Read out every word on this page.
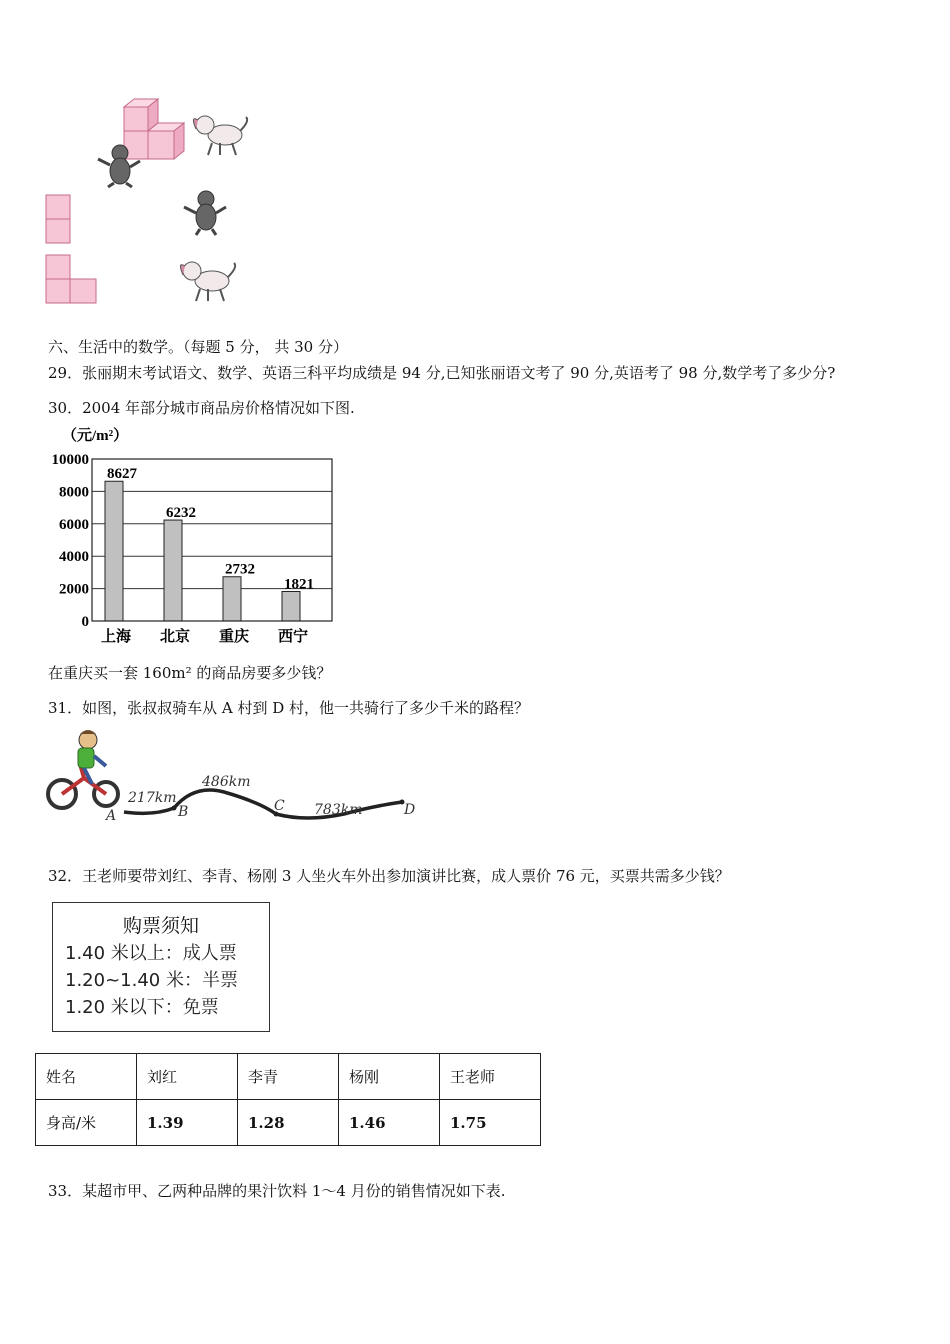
六、生活中的数学。（每题 5 分， 共 30 分）
29．张丽期末考试语文、数学、英语三科平均成绩是 94 分,已知张丽语文考了 90 分,英语考了 98 分,数学考了多少分?
30．2004 年部分城市商品房价格情况如下图.
（元/m²）
0
2000
4000
6000
8000
10000
上海 北京 重庆 西宁
8627
6232
2732
1821
在重庆买一套 160m² 的商品房要多少钱？
31．如图，张叔叔骑车从 A 村到 D 村，他一共骑行了多少千米的路程？
A	B	C	D
217km
486km
783km
32．王老师要带刘红、李青、杨刚 3 人坐火车外出参加演讲比赛，成人票价 76 元，买票共需多少钱？
购票须知
1.40 米以上：成人票
1.20~1.40 米：半票
1.20 米以下：免票
姓名	刘红	李青	杨刚	王老师
身高/米	1.39	1.28	1.46	1.75
33．某超市甲、乙两种品牌的果汁饮料 1～4 月份的销售情况如下表.
